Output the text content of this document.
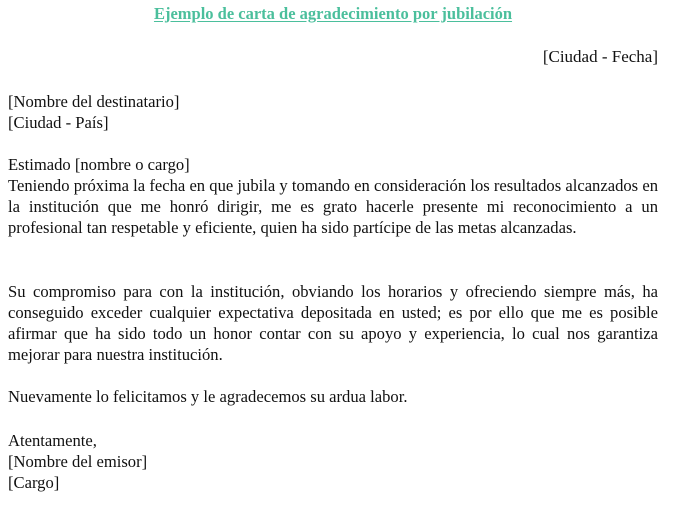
Ejemplo de carta de agradecimiento por jubilación
[Ciudad - Fecha]
[Nombre del destinatario]
[Ciudad - País]
Estimado [nombre o cargo]
Teniendo próxima la fecha en que jubila y tomando en consideración los resultados alcanzados en la institución que me honró dirigir, me es grato hacerle presente mi reconocimiento a un profesional tan respetable y eficiente, quien ha sido partícipe de las metas alcanzadas.
Su compromiso para con la institución, obviando los horarios y ofreciendo siempre más, ha conseguido exceder cualquier expectativa depositada en usted; es por ello que me es posible afirmar que ha sido todo un honor contar con su apoyo y experiencia, lo cual nos garantiza mejorar para nuestra institución.
Nuevamente lo felicitamos y le agradecemos su ardua labor.
Atentamente,
[Nombre del emisor]
[Cargo]
